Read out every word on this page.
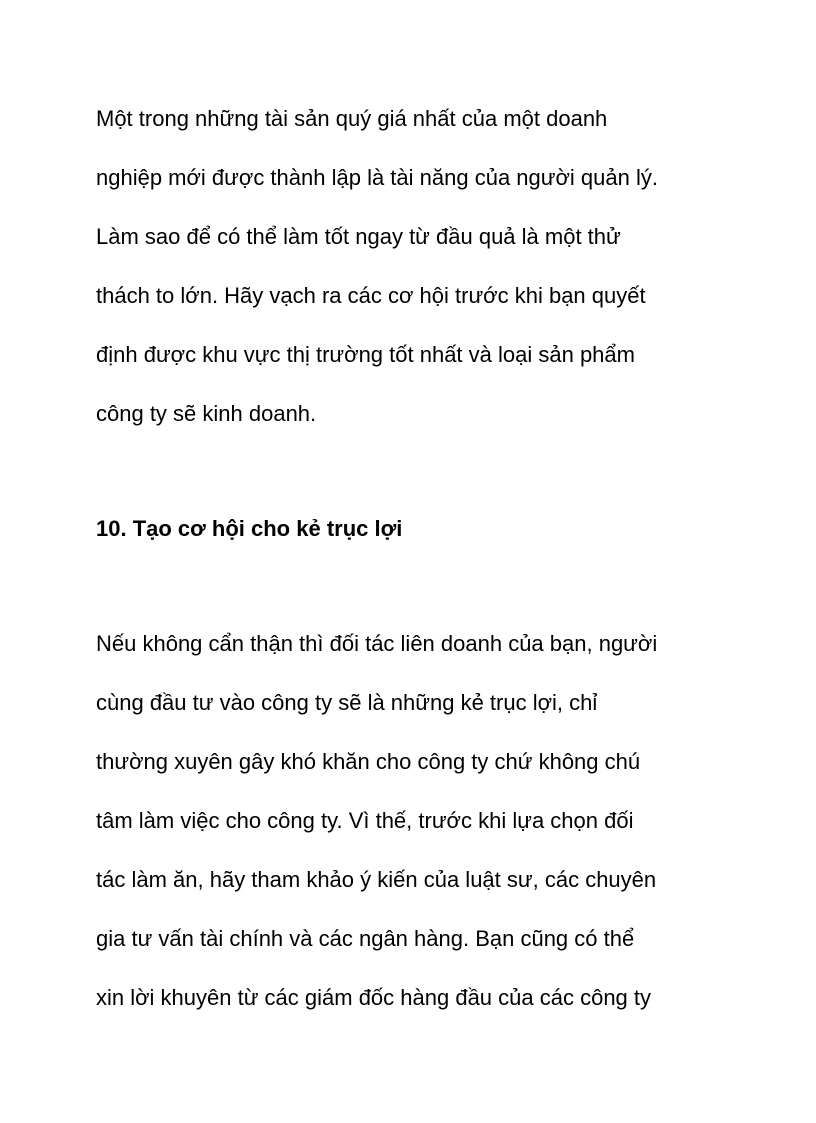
Một trong những tài sản quý giá nhất của một doanh

nghiệp mới được thành lập là tài năng của người quản lý.

Làm sao để có thể làm tốt ngay từ đầu quả là một thử

thách to lớn. Hãy vạch ra các cơ hội trước khi bạn quyết

định được khu vực thị trường tốt nhất và loại sản phẩm

công ty sẽ kinh doanh.

10. Tạo cơ hội cho kẻ trục lợi

Nếu không cẩn thận thì đối tác liên doanh của bạn, người

cùng đầu tư vào công ty sẽ là những kẻ trục lợi, chỉ

thường xuyên gây khó khăn cho công ty chứ không chú

tâm làm việc cho công ty. Vì thế, trước khi lựa chọn đối

tác làm ăn, hãy tham khảo ý kiến của luật sư, các chuyên

gia tư vấn tài chính và các ngân hàng. Bạn cũng có thể

xin lời khuyên từ các giám đốc hàng đầu của các công ty
